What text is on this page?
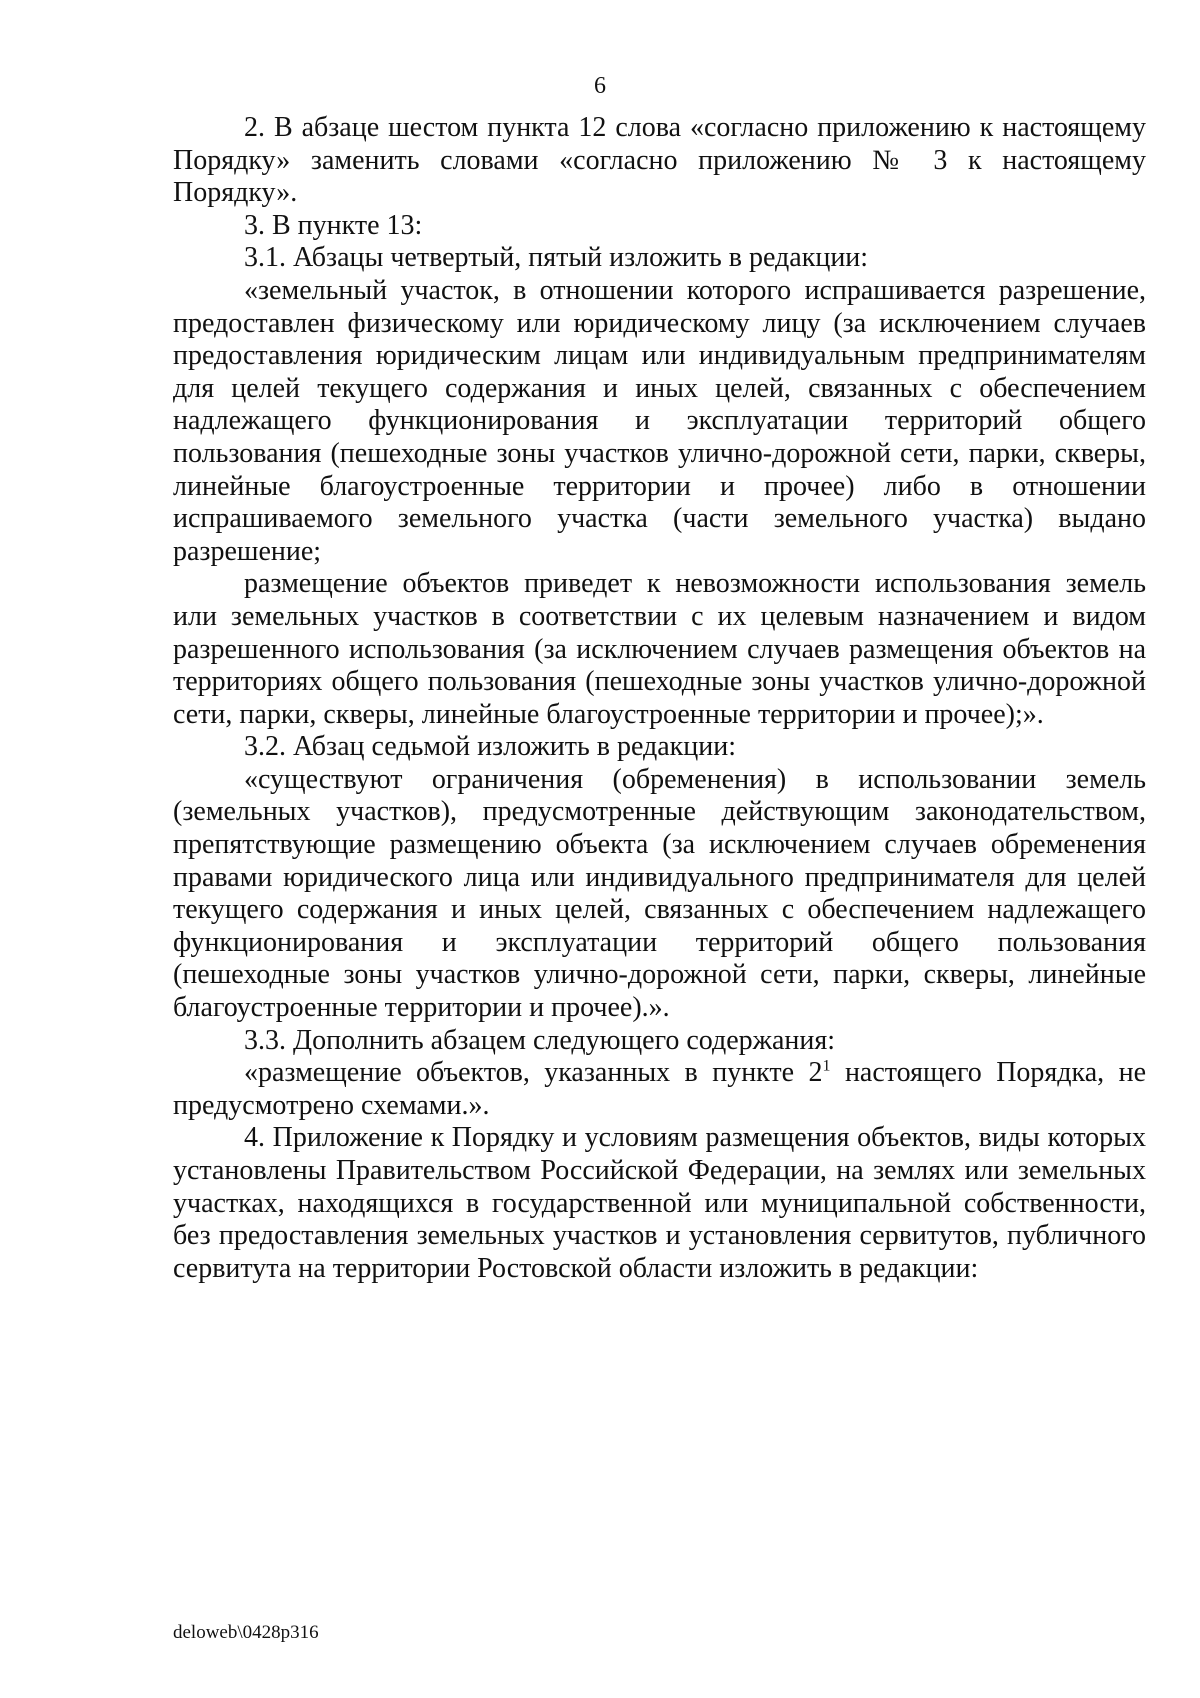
6

2. В абзаце шестом пункта 12 слова «согласно приложению к настоящему Порядку» заменить словами «согласно приложению № 3 к настоящему Порядку».

3. В пункте 13:

3.1. Абзацы четвертый, пятый изложить в редакции:

«земельный участок, в отношении которого испрашивается разрешение, предоставлен физическому или юридическому лицу (за исключением случаев предоставления юридическим лицам или индивидуальным предпринимателям для целей текущего содержания и иных целей, связанных с обеспечением надлежащего функционирования и эксплуатации территорий общего пользования (пешеходные зоны участков улично-дорожной сети, парки, скверы, линейные благоустроенные территории и прочее) либо в отношении испрашиваемого земельного участка (части земельного участка) выдано разрешение;

размещение объектов приведет к невозможности использования земель или земельных участков в соответствии с их целевым назначением и видом разрешенного использования (за исключением случаев размещения объектов на территориях общего пользования (пешеходные зоны участков улично-дорожной сети, парки, скверы, линейные благоустроенные территории и прочее);».

3.2. Абзац седьмой изложить в редакции:

«существуют ограничения (обременения) в использовании земель (земельных участков), предусмотренные действующим законодательством, препятствующие размещению объекта (за исключением случаев обременения правами юридического лица или индивидуального предпринимателя для целей текущего содержания и иных целей, связанных с обеспечением надлежащего функционирования и эксплуатации территорий общего пользования (пешеходные зоны участков улично-дорожной сети, парки, скверы, линейные благоустроенные территории и прочее).».

3.3. Дополнить абзацем следующего содержания:

«размещение объектов, указанных в пункте $2^1$ настоящего Порядка, не предусмотрено схемами.».

4. Приложение к Порядку и условиям размещения объектов, виды которых установлены Правительством Российской Федерации, на землях или земельных участках, находящихся в государственной или муниципальной собственности, без предоставления земельных участков и установления сервитутов, публичного сервитута на территории Ростовской области изложить в редакции:

deloweb\0428p316
